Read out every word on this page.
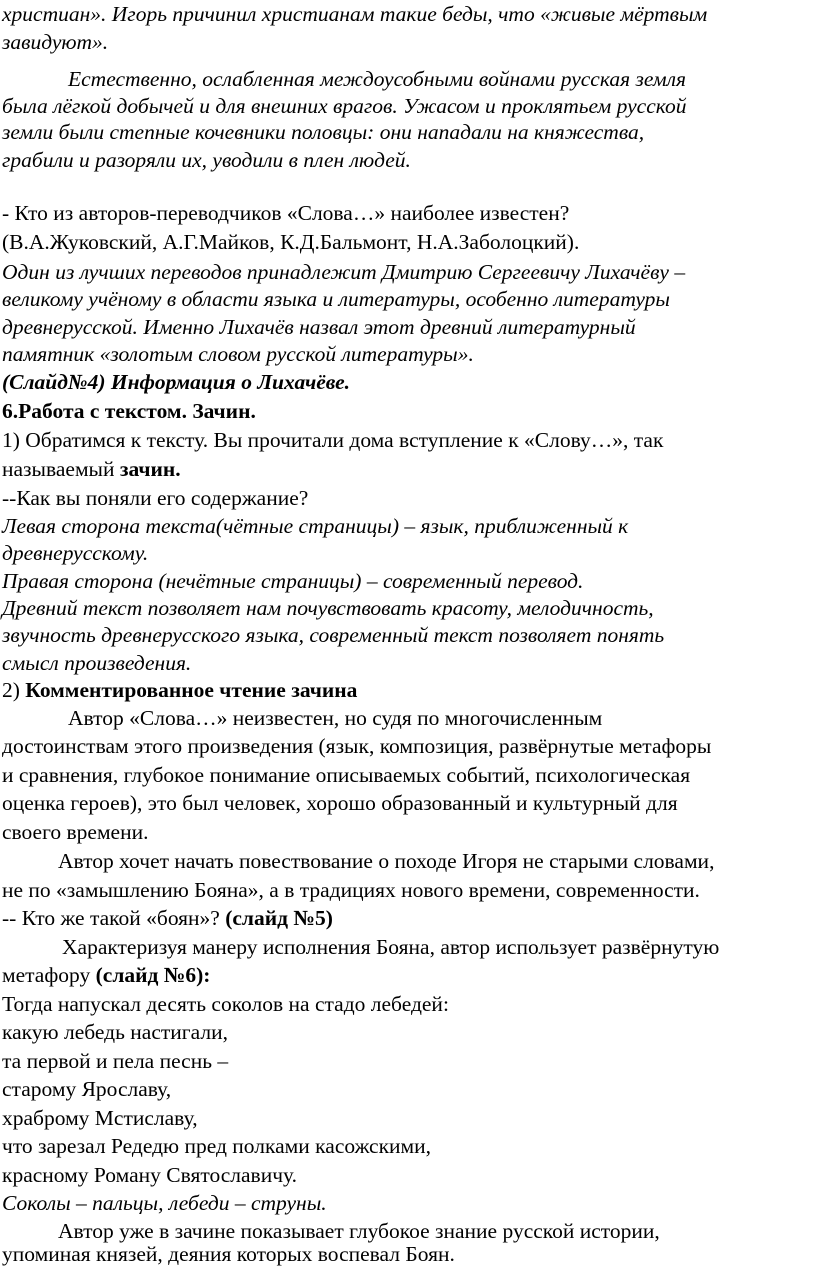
христиан». Игорь причинил христианам такие беды, что «живые мёртвым
завидуют».
Естественно, ослабленная междоусобными войнами русская земля
была лёгкой добычей и для внешних врагов. Ужасом и проклятьем русской
земли были степные кочевники половцы: они нападали на княжества,
грабили и разоряли их, уводили в плен людей.
- Кто из авторов-переводчиков «Слова…» наиболее известен?
(В.А.Жуковский, А.Г.Майков, К.Д.Бальмонт, Н.А.Заболоцкий).
Один из лучших переводов принадлежит Дмитрию Сергеевичу Лихачёву –
великому учёному в области языка и литературы, особенно литературы
древнерусской. Именно Лихачёв назвал этот древний литературный
памятник «золотым словом русской литературы».
(Слайд№4) Информация о Лихачёве.
6.Работа с текстом. Зачин.
1) Обратимся к тексту. Вы прочитали дома вступление к «Слову…», так
называемый зачин.
--Как вы поняли его содержание?
Левая сторона текста(чётные страницы) – язык, приближенный к
древнерусскому.
Правая сторона (нечётные страницы) – современный перевод.
Древний текст позволяет нам почувствовать красоту, мелодичность,
звучность древнерусского языка, современный текст позволяет понять
смысл произведения.
2) Комментированное чтение зачина
Автор «Слова…» неизвестен, но судя по многочисленным
достоинствам этого произведения (язык, композиция, развёрнутые метафоры
и сравнения, глубокое понимание описываемых событий, психологическая
оценка героев), это был человек, хорошо образованный и культурный для
своего времени.
Автор хочет начать повествование о походе Игоря не старыми словами,
не по «замышлению Бояна», а в традициях нового времени, современности.
-- Кто же такой «боян»? (слайд №5)
Характеризуя манеру исполнения Бояна, автор использует развёрнутую
метафору (слайд №6):
Тогда напускал десять соколов на стадо лебедей:
какую лебедь настигали,
та первой и пела песнь –
старому Ярославу,
храброму Мстиславу,
что зарезал Редедю пред полками касожскими,
красному Роману Святославичу.
Соколы – пальцы, лебеди – струны.
Автор уже в зачине показывает глубокое знание русской истории,
упоминая князей, деяния которых воспевал Боян.
